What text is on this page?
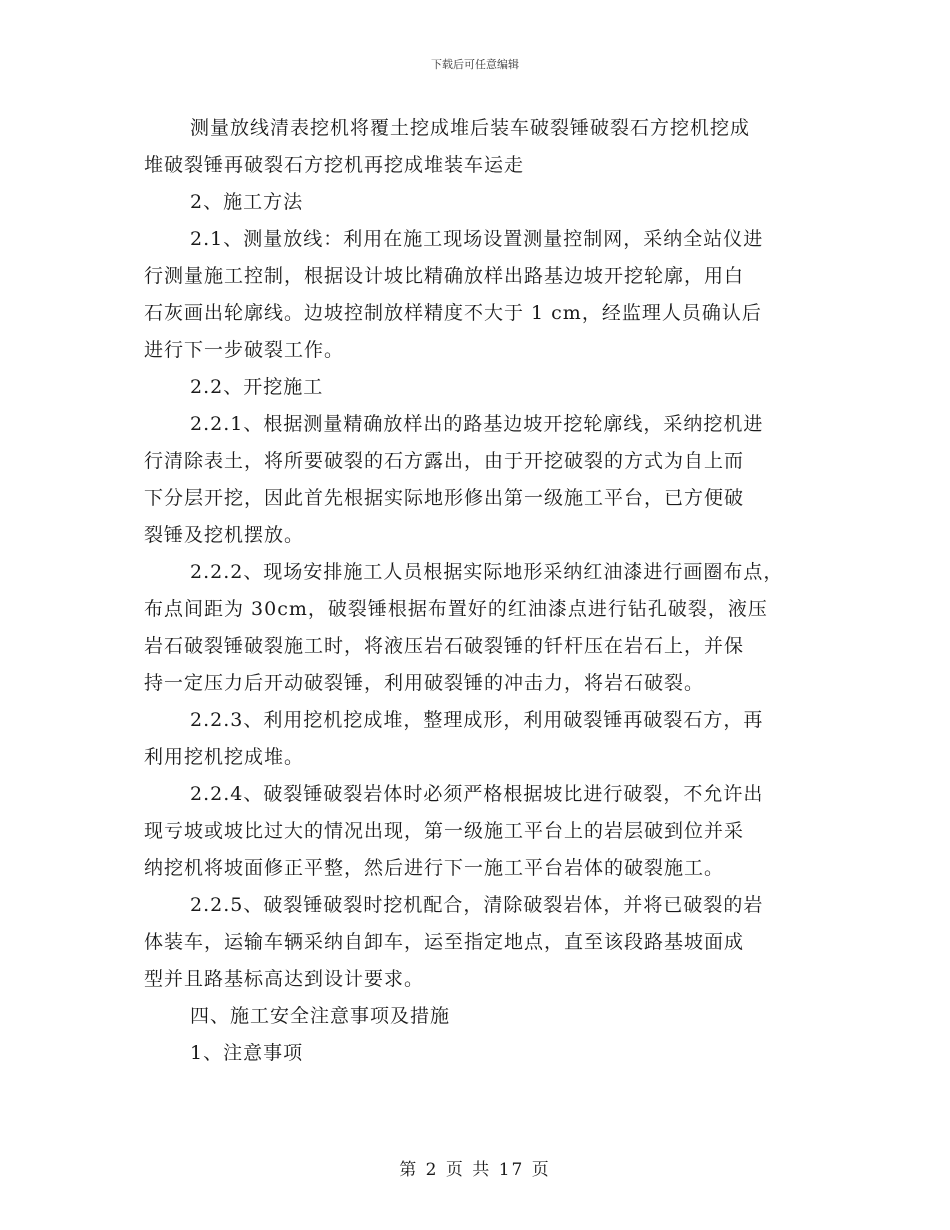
下载后可任意编辑
测量放线清表挖机将覆土挖成堆后装车破裂锤破裂石方挖机挖成
堆破裂锤再破裂石方挖机再挖成堆装车运走
2、施工方法
2.1、测量放线：利用在施工现场设置测量控制网，采纳全站仪进
行测量施工控制，根据设计坡比精确放样出路基边坡开挖轮廓，用白
石灰画出轮廓线。边坡控制放样精度不大于 1 cm，经监理人员确认后
进行下一步破裂工作。
2.2、开挖施工
2.2.1、根据测量精确放样出的路基边坡开挖轮廓线，采纳挖机进
行清除表土，将所要破裂的石方露出，由于开挖破裂的方式为自上而
下分层开挖，因此首先根据实际地形修出第一级施工平台，已方便破
裂锤及挖机摆放。
2.2.2、现场安排施工人员根据实际地形采纳红油漆进行画圈布点，
布点间距为 30cm，破裂锤根据布置好的红油漆点进行钻孔破裂，液压
岩石破裂锤破裂施工时，将液压岩石破裂锤的钎杆压在岩石上，并保
持一定压力后开动破裂锤，利用破裂锤的冲击力，将岩石破裂。
2.2.3、利用挖机挖成堆，整理成形，利用破裂锤再破裂石方，再
利用挖机挖成堆。
2.2.4、破裂锤破裂岩体时必须严格根据坡比进行破裂，不允许出
现亏坡或坡比过大的情况出现，第一级施工平台上的岩层破到位并采
纳挖机将坡面修正平整，然后进行下一施工平台岩体的破裂施工。
2.2.5、破裂锤破裂时挖机配合，清除破裂岩体，并将已破裂的岩
体装车，运输车辆采纳自卸车，运至指定地点，直至该段路基坡面成
型并且路基标高达到设计要求。
四、施工安全注意事项及措施
1、注意事项
第 2 页 共 17 页
